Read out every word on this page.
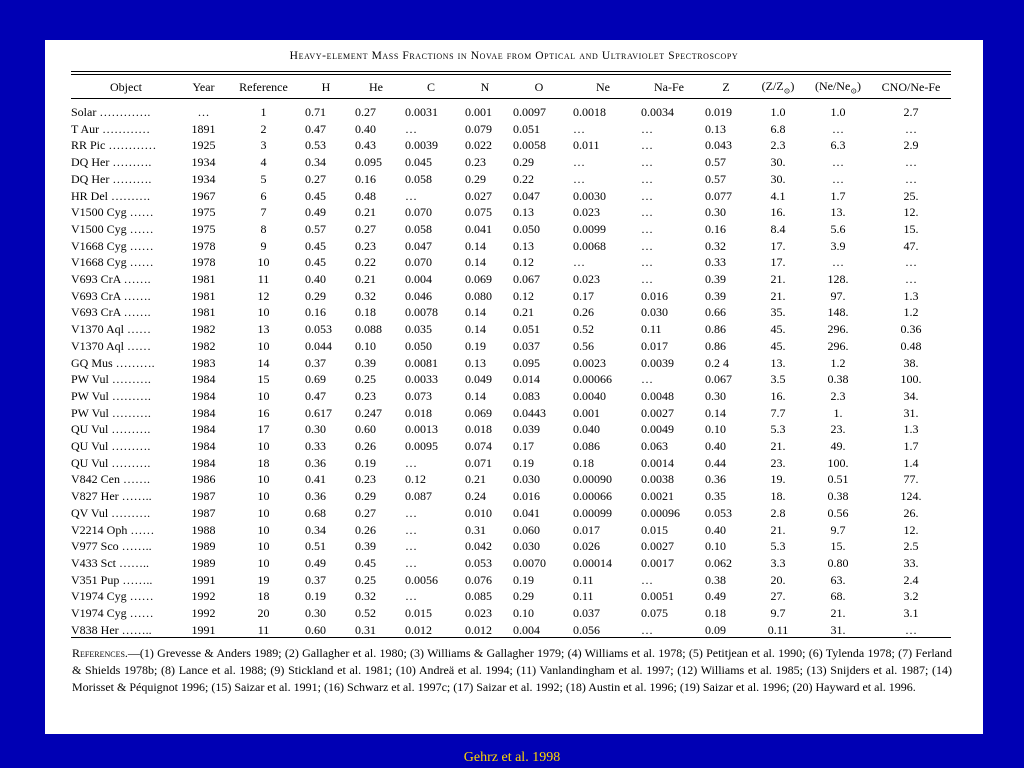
Heavy-element Mass Fractions in Novae from Optical and Ultraviolet Spectroscopy
Object	Year	Reference	H	He	C	N	O	Ne	Na-Fe	Z	$(Z/Z_⊙)$	$(Ne/Ne_⊙)$	CNO/Ne-Fe
Solar ………….	…	1	0.71	0.27	0.0031	0.001	0.0097	0.0018	0.0034	0.019	1.0	1.0	2.7
T Aur …………	1891	2	0.47	0.40	…	0.079	0.051	…	…	0.13	6.8	…	…
RR Pic …………	1925	3	0.53	0.43	0.0039	0.022	0.0058	0.011	…	0.043	2.3	6.3	2.9
DQ Her ……….	1934	4	0.34	0.095	0.045	0.23	0.29	…	…	0.57	30.	…	…
DQ Her ……….	1934	5	0.27	0.16	0.058	0.29	0.22	…	…	0.57	30.	…	…
HR Del ……….	1967	6	0.45	0.48	…	0.027	0.047	0.0030	…	0.077	4.1	1.7	25.
V1500 Cyg ……	1975	7	0.49	0.21	0.070	0.075	0.13	0.023	…	0.30	16.	13.	12.
V1500 Cyg ……	1975	8	0.57	0.27	0.058	0.041	0.050	0.0099	…	0.16	8.4	5.6	15.
V1668 Cyg ……	1978	9	0.45	0.23	0.047	0.14	0.13	0.0068	…	0.32	17.	3.9	47.
V1668 Cyg ……	1978	10	0.45	0.22	0.070	0.14	0.12	…	…	0.33	17.	…	…
V693 CrA …….	1981	11	0.40	0.21	0.004	0.069	0.067	0.023	…	0.39	21.	128.	…
V693 CrA …….	1981	12	0.29	0.32	0.046	0.080	0.12	0.17	0.016	0.39	21.	97.	1.3
V693 CrA …….	1981	10	0.16	0.18	0.0078	0.14	0.21	0.26	0.030	0.66	35.	148.	1.2
V1370 Aql ……	1982	13	0.053	0.088	0.035	0.14	0.051	0.52	0.11	0.86	45.	296.	0.36
V1370 Aql ……	1982	10	0.044	0.10	0.050	0.19	0.037	0.56	0.017	0.86	45.	296.	0.48
GQ Mus ……….	1983	14	0.37	0.39	0.0081	0.13	0.095	0.0023	0.0039	0.2 4	13.	1.2	38.
PW Vul ……….	1984	15	0.69	0.25	0.0033	0.049	0.014	0.00066	…	0.067	3.5	0.38	100.
PW Vul ……….	1984	10	0.47	0.23	0.073	0.14	0.083	0.0040	0.0048	0.30	16.	2.3	34.
PW Vul ……….	1984	16	0.617	0.247	0.018	0.069	0.0443	0.001	0.0027	0.14	7.7	1.	31.
QU Vul ……….	1984	17	0.30	0.60	0.0013	0.018	0.039	0.040	0.0049	0.10	5.3	23.	1.3
QU Vul ……….	1984	10	0.33	0.26	0.0095	0.074	0.17	0.086	0.063	0.40	21.	49.	1.7
QU Vul ……….	1984	18	0.36	0.19	…	0.071	0.19	0.18	0.0014	0.44	23.	100.	1.4
V842 Cen …….	1986	10	0.41	0.23	0.12	0.21	0.030	0.00090	0.0038	0.36	19.	0.51	77.
V827 Her ……..	1987	10	0.36	0.29	0.087	0.24	0.016	0.00066	0.0021	0.35	18.	0.38	124.
QV Vul ……….	1987	10	0.68	0.27	…	0.010	0.041	0.00099	0.00096	0.053	2.8	0.56	26.
V2214 Oph ……	1988	10	0.34	0.26	…	0.31	0.060	0.017	0.015	0.40	21.	9.7	12.
V977 Sco ……..	1989	10	0.51	0.39	…	0.042	0.030	0.026	0.0027	0.10	5.3	15.	2.5
V433 Sct ……..	1989	10	0.49	0.45	…	0.053	0.0070	0.00014	0.0017	0.062	3.3	0.80	33.
V351 Pup ……..	1991	19	0.37	0.25	0.0056	0.076	0.19	0.11	…	0.38	20.	63.	2.4
V1974 Cyg ……	1992	18	0.19	0.32	…	0.085	0.29	0.11	0.0051	0.49	27.	68.	3.2
V1974 Cyg ……	1992	20	0.30	0.52	0.015	0.023	0.10	0.037	0.075	0.18	9.7	21.	3.1
V838 Her ……..	1991	11	0.60	0.31	0.012	0.012	0.004	0.056	…	0.09	0.11	31.	…
References.—(1) Grevesse & Anders 1989; (2) Gallagher et al. 1980; (3) Williams & Gallagher 1979; (4) Williams et al. 1978; (5) Petitjean et al. 1990; (6) Tylenda 1978; (7) Ferland & Shields 1978b; (8) Lance et al. 1988; (9) Stickland et al. 1981; (10) Andreä et al. 1994; (11) Vanlandingham et al. 1997; (12) Williams et al. 1985; (13) Snijders et al. 1987; (14) Morisset & Péquignot 1996; (15) Saizar et al. 1991; (16) Schwarz et al. 1997c; (17) Saizar et al. 1992; (18) Austin et al. 1996; (19) Saizar et al. 1996; (20) Hayward et al. 1996.
Gehrz et al. 1998
